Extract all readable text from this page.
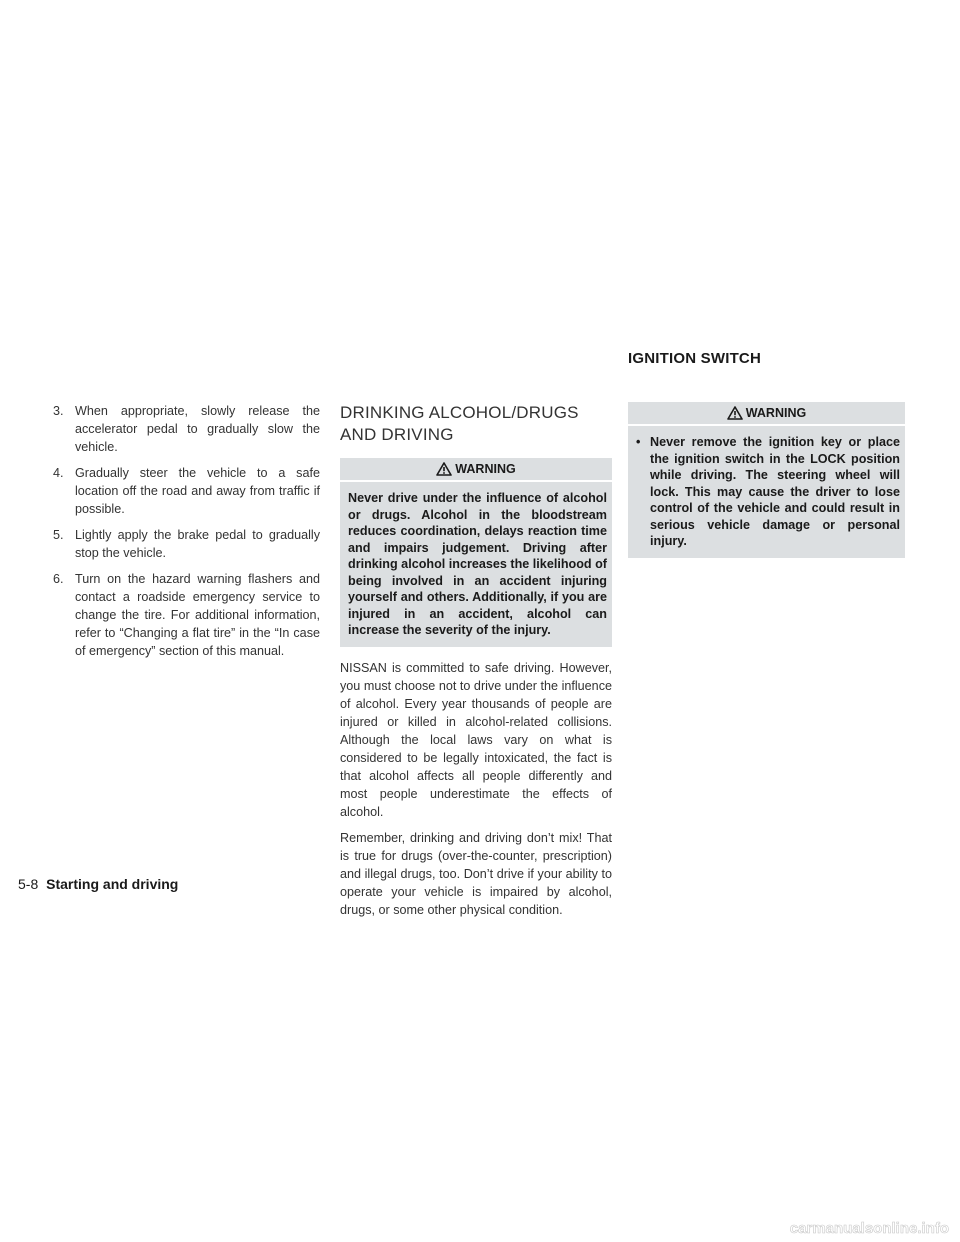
IGNITION SWITCH
3. When appropriate, slowly release the accelerator pedal to gradually slow the vehicle.
4. Gradually steer the vehicle to a safe location off the road and away from traffic if possible.
5. Lightly apply the brake pedal to gradually stop the vehicle.
6. Turn on the hazard warning flashers and contact a roadside emergency service to change the tire. For additional information, refer to “Changing a flat tire” in the “In case of emergency” section of this manual.
DRINKING ALCOHOL/DRUGS AND DRIVING
WARNING
Never drive under the influence of alcohol or drugs. Alcohol in the bloodstream reduces coordination, delays reaction time and impairs judgement. Driving after drinking alcohol increases the likelihood of being involved in an accident injuring yourself and others. Additionally, if you are injured in an accident, alcohol can increase the severity of the injury.

NISSAN is committed to safe driving. However, you must choose not to drive under the influence of alcohol. Every year thousands of people are injured or killed in alcohol-related collisions. Although the local laws vary on what is considered to be legally intoxicated, the fact is that alcohol affects all people differently and most people underestimate the effects of alcohol.

Remember, drinking and driving don’t mix! That is true for drugs (over-the-counter, prescription) and illegal drugs, too. Don’t drive if your ability to operate your vehicle is impaired by alcohol, drugs, or some other physical condition.

WARNING
• Never remove the ignition key or place the ignition switch in the LOCK position while driving. The steering wheel will lock. This may cause the driver to lose control of the vehicle and could result in serious vehicle damage or personal injury.
5-8 Starting and driving
carmanualsonline.info
